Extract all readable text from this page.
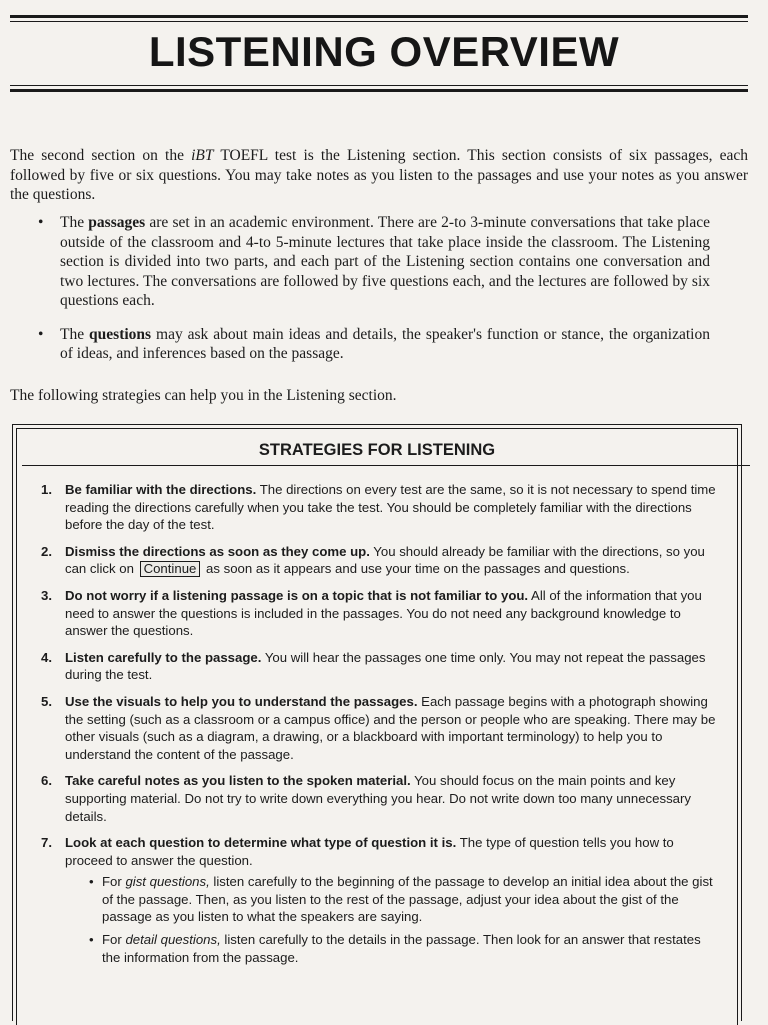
LISTENING OVERVIEW

The second section on the iBT TOEFL test is the Listening section. This section consists of six passages, each followed by five or six questions. You may take notes as you listen to the passages and use your notes as you answer the questions.

• The passages are set in an academic environment. There are 2-to 3-minute conversations that take place outside of the classroom and 4-to 5-minute lectures that take place inside the classroom. The Listening section is divided into two parts, and each part of the Listening section contains one conversation and two lectures. The conversations are followed by five questions each, and the lectures are followed by six questions each.
• The questions may ask about main ideas and details, the speaker's function or stance, the organization of ideas, and inferences based on the passage.

The following strategies can help you in the Listening section.

STRATEGIES FOR LISTENING
1. Be familiar with the directions. The directions on every test are the same, so it is not necessary to spend time reading the directions carefully when you take the test. You should be completely familiar with the directions before the day of the test.
2. Dismiss the directions as soon as they come up. You should already be familiar with the directions, so you can click on Continue as soon as it appears and use your time on the passages and questions.
3. Do not worry if a listening passage is on a topic that is not familiar to you. All of the information that you need to answer the questions is included in the passages. You do not need any background knowledge to answer the questions.
4. Listen carefully to the passage. You will hear the passages one time only. You may not repeat the passages during the test.
5. Use the visuals to help you to understand the passages. Each passage begins with a photograph showing the setting (such as a classroom or a campus office) and the person or people who are speaking. There may be other visuals (such as a diagram, a drawing, or a blackboard with important terminology) to help you to understand the content of the passage.
6. Take careful notes as you listen to the spoken material. You should focus on the main points and key supporting material. Do not try to write down everything you hear. Do not write down too many unnecessary details.
7. Look at each question to determine what type of question it is. The type of question tells you how to proceed to answer the question.
• For gist questions, listen carefully to the beginning of the passage to develop an initial idea about the gist of the passage. Then, as you listen to the rest of the passage, adjust your idea about the gist of the passage as you listen to what the speakers are saying.
• For detail questions, listen carefully to the details in the passage. Then look for an answer that restates the information from the passage.
